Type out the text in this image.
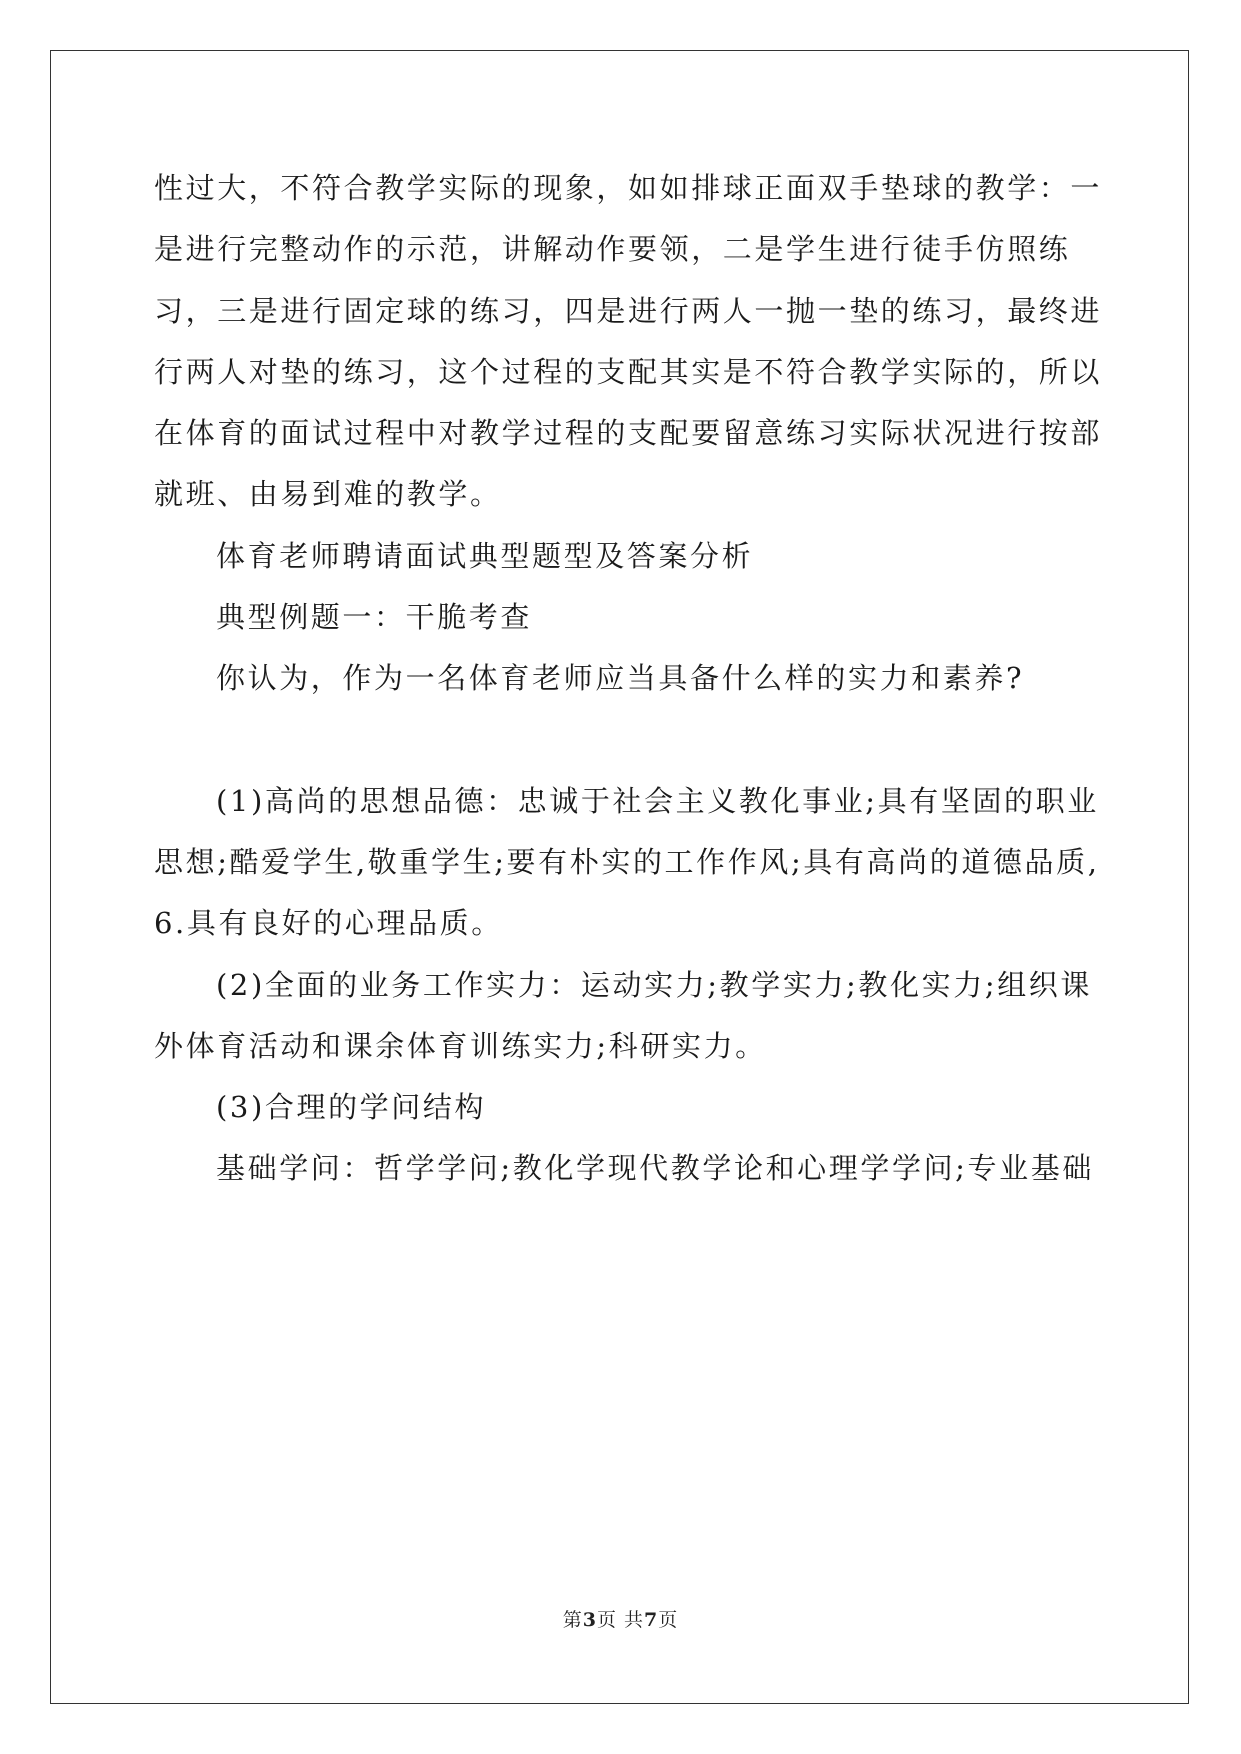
性过大，不符合教学实际的现象，如如排球正面双手垫球的教学：一是进行完整动作的示范，讲解动作要领，二是学生进行徒手仿照练习，三是进行固定球的练习，四是进行两人一抛一垫的练习，最终进行两人对垫的练习，这个过程的支配其实是不符合教学实际的，所以在体育的面试过程中对教学过程的支配要留意练习实际状况进行按部就班、由易到难的教学。

体育老师聘请面试典型题型及答案分析

典型例题一：干脆考查

你认为，作为一名体育老师应当具备什么样的实力和素养?

(1)高尚的思想品德：忠诚于社会主义教化事业;具有坚固的职业思想;酷爱学生,敬重学生;要有朴实的工作作风;具有高尚的道德品质,6.具有良好的心理品质。

(2)全面的业务工作实力：运动实力;教学实力;教化实力;组织课外体育活动和课余体育训练实力;科研实力。

(3)合理的学问结构

基础学问：哲学学问;教化学现代教学论和心理学学问;专业基础

第3页 共7页
